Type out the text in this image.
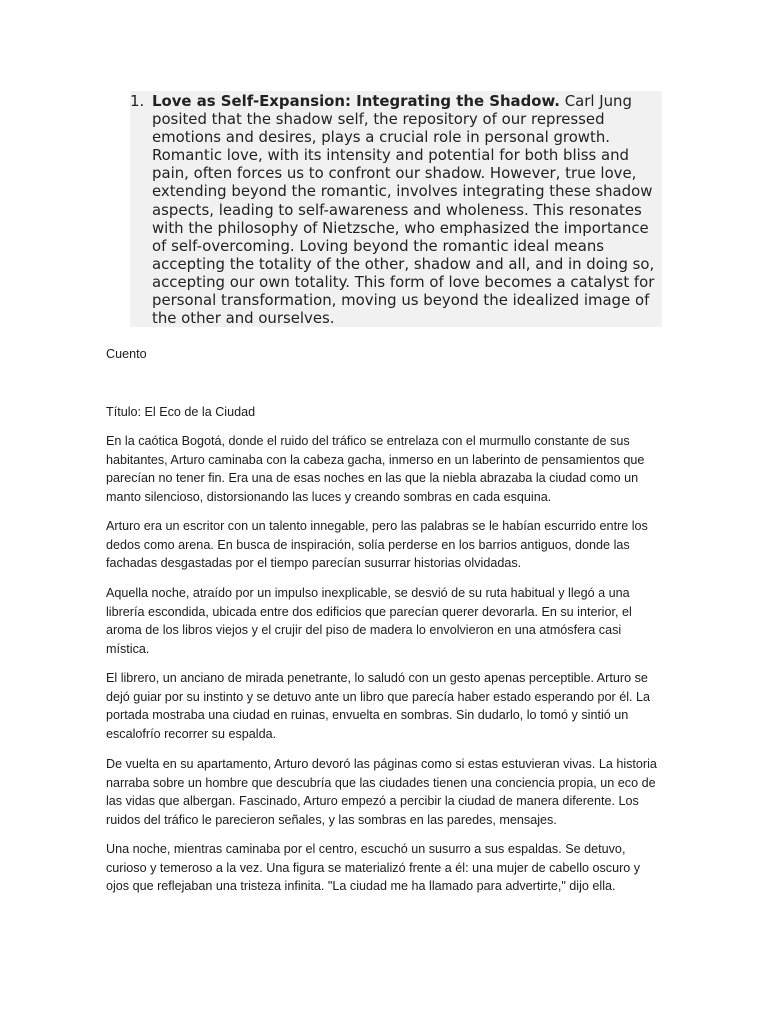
1. Love as Self-Expansion: Integrating the Shadow. Carl Jung posited that the shadow self, the repository of our repressed emotions and desires, plays a crucial role in personal growth. Romantic love, with its intensity and potential for both bliss and pain, often forces us to confront our shadow. However, true love, extending beyond the romantic, involves integrating these shadow aspects, leading to self-awareness and wholeness. This resonates with the philosophy of Nietzsche, who emphasized the importance of self-overcoming. Loving beyond the romantic ideal means accepting the totality of the other, shadow and all, and in doing so, accepting our own totality. This form of love becomes a catalyst for personal transformation, moving us beyond the idealized image of the other and ourselves.

Cuento

Título: El Eco de la Ciudad

En la caótica Bogotá, donde el ruido del tráfico se entrelaza con el murmullo constante de sus habitantes, Arturo caminaba con la cabeza gacha, inmerso en un laberinto de pensamientos que parecían no tener fin. Era una de esas noches en las que la niebla abrazaba la ciudad como un manto silencioso, distorsionando las luces y creando sombras en cada esquina.

Arturo era un escritor con un talento innegable, pero las palabras se le habían escurrido entre los dedos como arena. En busca de inspiración, solía perderse en los barrios antiguos, donde las fachadas desgastadas por el tiempo parecían susurrar historias olvidadas.

Aquella noche, atraído por un impulso inexplicable, se desvió de su ruta habitual y llegó a una librería escondida, ubicada entre dos edificios que parecían querer devorarla. En su interior, el aroma de los libros viejos y el crujir del piso de madera lo envolvieron en una atmósfera casi mística.

El librero, un anciano de mirada penetrante, lo saludó con un gesto apenas perceptible. Arturo se dejó guiar por su instinto y se detuvo ante un libro que parecía haber estado esperando por él. La portada mostraba una ciudad en ruinas, envuelta en sombras. Sin dudarlo, lo tomó y sintió un escalofrío recorrer su espalda.

De vuelta en su apartamento, Arturo devoró las páginas como si estas estuvieran vivas. La historia narraba sobre un hombre que descubría que las ciudades tienen una conciencia propia, un eco de las vidas que albergan. Fascinado, Arturo empezó a percibir la ciudad de manera diferente. Los ruidos del tráfico le parecieron señales, y las sombras en las paredes, mensajes.

Una noche, mientras caminaba por el centro, escuchó un susurro a sus espaldas. Se detuvo, curioso y temeroso a la vez. Una figura se materializó frente a él: una mujer de cabello oscuro y ojos que reflejaban una tristeza infinita. "La ciudad me ha llamado para advertirte," dijo ella.
